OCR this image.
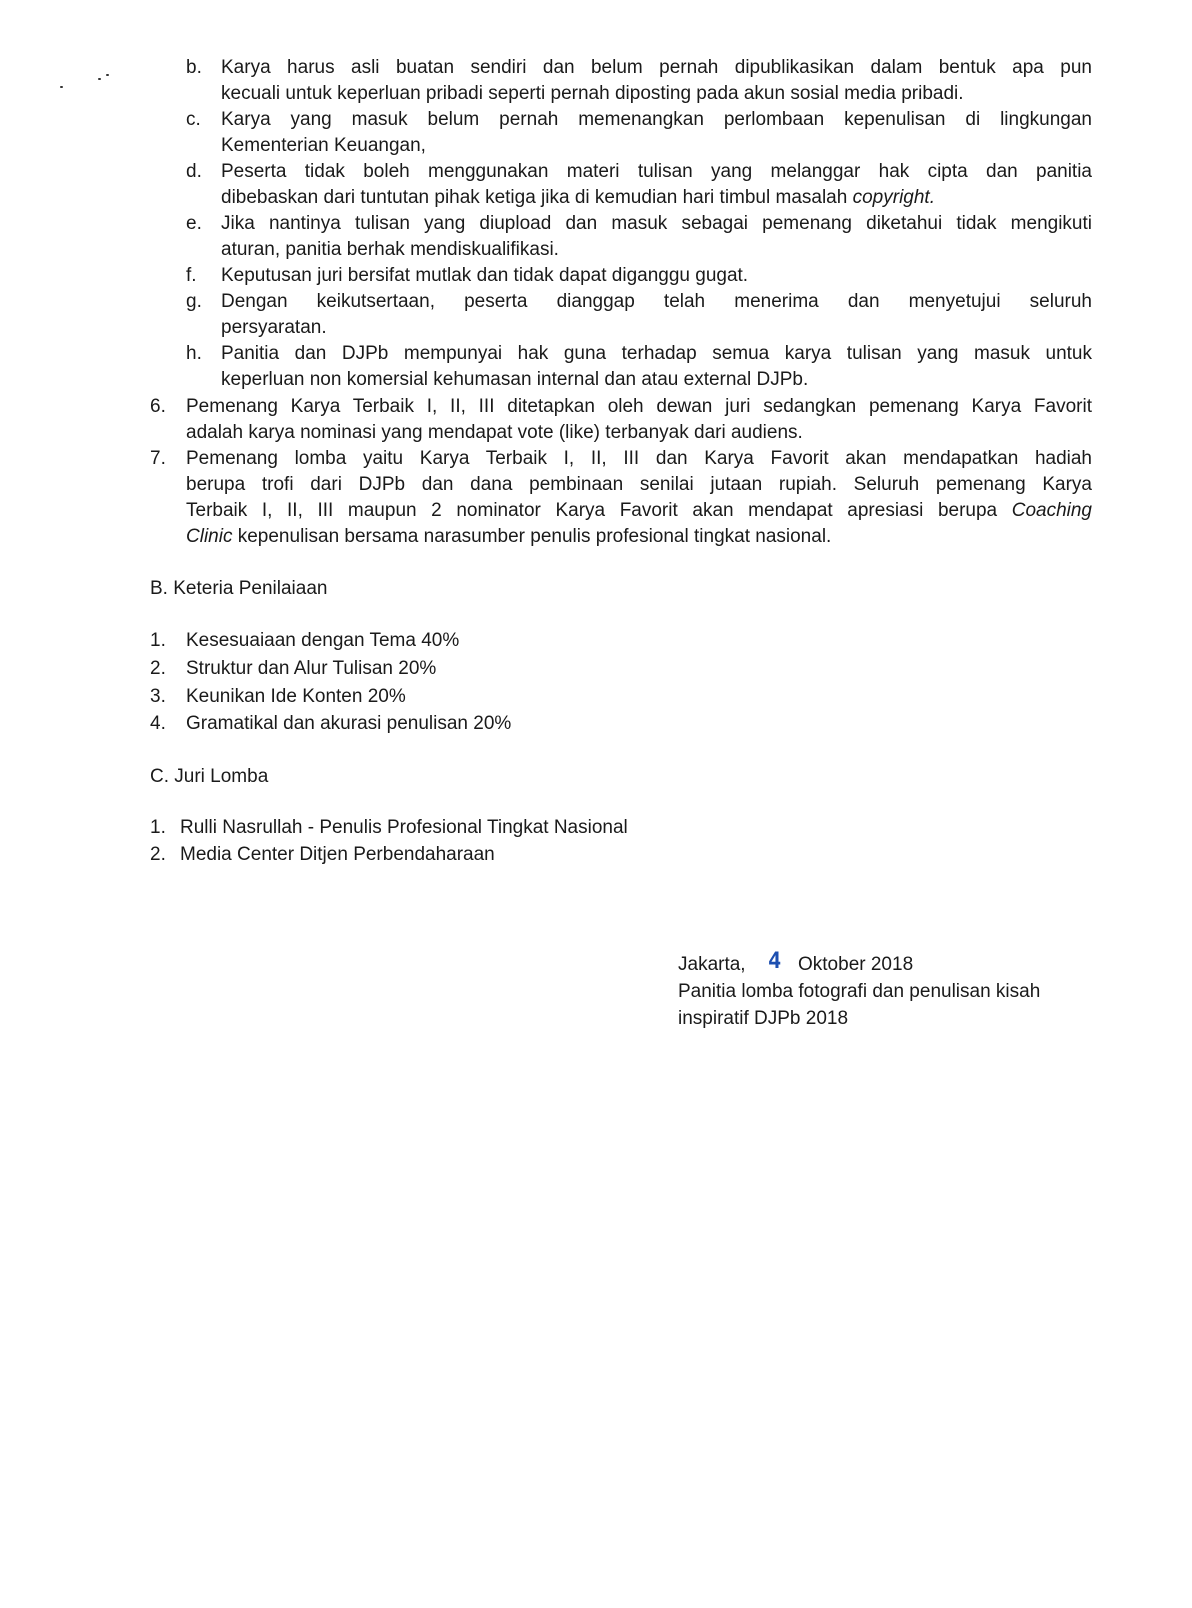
b. Karya harus asli buatan sendiri dan belum pernah dipublikasikan dalam bentuk apa pun
kecuali untuk keperluan pribadi seperti pernah diposting pada akun sosial media pribadi.
c. Karya yang masuk belum pernah memenangkan perlombaan kepenulisan di lingkungan
Kementerian Keuangan,
d. Peserta tidak boleh menggunakan materi tulisan yang melanggar hak cipta dan panitia
dibebaskan dari tuntutan pihak ketiga jika di kemudian hari timbul masalah copyright.
e. Jika nantinya tulisan yang diupload dan masuk sebagai pemenang diketahui tidak mengikuti
aturan, panitia berhak mendiskualifikasi.
f. Keputusan juri bersifat mutlak dan tidak dapat diganggu gugat.
g. Dengan keikutsertaan, peserta dianggap telah menerima dan menyetujui seluruh
persyaratan.
h. Panitia dan DJPb mempunyai hak guna terhadap semua karya tulisan yang masuk untuk
keperluan non komersial kehumasan internal dan atau external DJPb.
6. Pemenang Karya Terbaik I, II, III ditetapkan oleh dewan juri sedangkan pemenang Karya Favorit
adalah karya nominasi yang mendapat vote (like) terbanyak dari audiens.
7. Pemenang lomba yaitu Karya Terbaik I, II, III dan Karya Favorit akan mendapatkan hadiah
berupa trofi dari DJPb dan dana pembinaan senilai jutaan rupiah. Seluruh pemenang Karya
Terbaik I, II, III maupun 2 nominator Karya Favorit akan mendapat apresiasi berupa Coaching
Clinic kepenulisan bersama narasumber penulis profesional tingkat nasional.
B. Keteria Penilaiaan
1. Kesesuaiaan dengan Tema 40%
2. Struktur dan Alur Tulisan 20%
3. Keunikan Ide Konten 20%
4. Gramatikal dan akurasi penulisan 20%
C. Juri Lomba
1. Rulli Nasrullah - Penulis Profesional Tingkat Nasional
2. Media Center Ditjen Perbendaharaan
Jakarta, 4 Oktober 2018
Panitia lomba fotografi dan penulisan kisah
inspiratif DJPb 2018
